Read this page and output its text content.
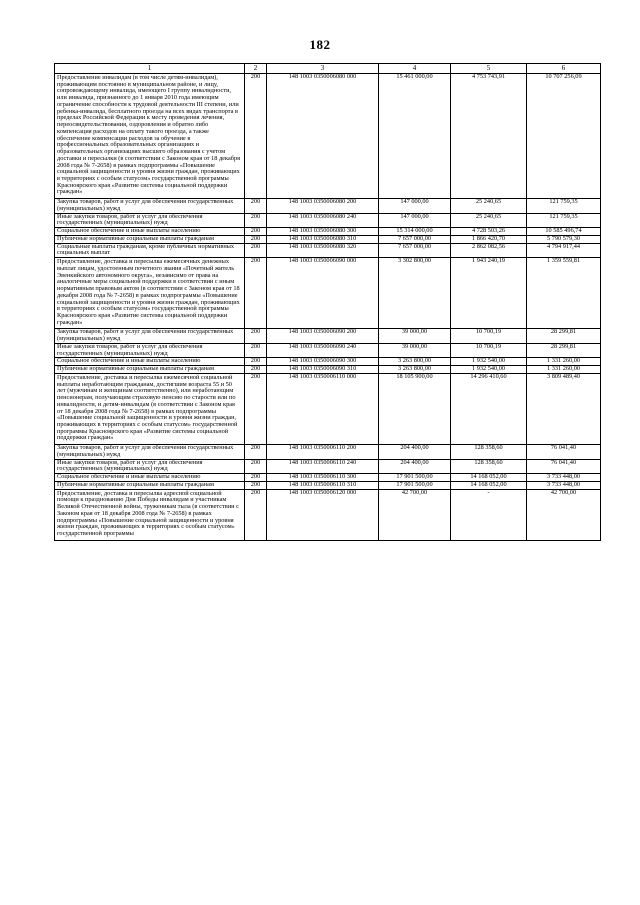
182
1	2	3	4	5	6
Предоставление инвалидам (в том числе детям-инвалидам), проживающим постоянно в муниципальном районе, и лицу, сопровождающему инвалида, имеющего I группу инвалидности, или инвалида, признанного до 1 января 2010 года имеющим ограничение способности к трудовой деятельности III степени, или ребенка-инвалида, бесплатного проезда на всех видах транспорта в пределах Российской Федерации к месту проведения лечения, переосвидетельствования, оздоровления и обратно либо компенсация расходов на оплату такого проезда, а также обеспечение компенсации расходов за обучение в профессиональных образовательных организациях и образовательных организациях высшего образования с учетом доставки и пересылки (в соответствии с Законом края от 18 декабря 2008 года № 7-2658) в рамках подпрограммы «Повышение социальной защищенности и уровня жизни граждан, проживающих в территориях с особым статусом» государственной программы Красноярского края «Развитие системы социальной поддержки граждан»	200	148 1003 0350006080 000	15 461 000,00	4 753 743,91	10 707 256,09
Закупка товаров, работ и услуг для обеспечения государственных (муниципальных) нужд	200	148 1003 0350006080 200	147 000,00	25 240,65	121 759,35
Иные закупки товаров, работ и услуг для обеспечения государственных (муниципальных) нужд	200	148 1003 0350006080 240	147 000,00	25 240,65	121 759,35
Социальное обеспечение и иные выплаты населению	200	148 1003 0350006080 300	15 314 000,00	4 728 503,26	10 585 496,74
Публичные нормативные социальные выплаты гражданам	200	148 1003 0350006080 310	7 657 000,00	1 866 420,70	5 790 579,30
Социальные выплаты гражданам, кроме публичных нормативных социальных выплат	200	148 1003 0350006080 320	7 657 000,00	2 862 082,56	4 794 917,44
Предоставление, доставка и пересылка ежемесячных денежных выплат лицам, удостоенным почетного звания «Почетный житель Эвенкийского автономного округа», независимо от права на аналогичные меры социальной поддержки в соответствии с иным нормативным правовым актом (в соответствии с Законом края от 18 декабря 2008 года № 7-2658) в рамках подпрограммы «Повышение социальной защищенности и уровня жизни граждан, проживающих в территориях с особым статусом» государственной программы Красноярского края «Развитие системы социальной поддержки граждан»	200	148 1003 0350006090 000	3 302 800,00	1 943 240,19	1 359 559,81
Закупка товаров, работ и услуг для обеспечения государственных (муниципальных) нужд	200	148 1003 0350006090 200	39 000,00	10 700,19	28 299,81
Иные закупки товаров, работ и услуг для обеспечения государственных (муниципальных) нужд	200	148 1003 0350006090 240	39 000,00	10 700,19	28 299,81
Социальное обеспечение и иные выплаты населению	200	148 1003 0350006090 300	3 263 800,00	1 932 540,00	1 331 260,00
Публичные нормативные социальные выплаты гражданам	200	148 1003 0350006090 310	3 263 800,00	1 932 540,00	1 331 260,00
Предоставление, доставка и пересылка ежемесячной социальной выплаты неработающим гражданам, достигшим возраста 55 и 50 лет (мужчинам и женщинам соответственно), или неработающим пенсионерам, получающим страховую пенсию по старости или по инвалидности, и детям-инвалидам (в соответствии с Законом края от 18 декабря 2008 года № 7-2658) в рамках подпрограммы «Повышение социальной защищенности и уровня жизни граждан, проживающих в территориях с особым статусом» государственной программы Красноярского края «Развитие системы социальной поддержки граждан»	200	148 1003 0350006110 000	18 105 900,00	14 296 410,60	3 809 489,40
Закупка товаров, работ и услуг для обеспечения государственных (муниципальных) нужд	200	148 1003 0350006110 200	204 400,00	128 358,60	76 041,40
Иные закупки товаров, работ и услуг для обеспечения государственных (муниципальных) нужд	200	148 1003 0350006110 240	204 400,00	128 358,60	76 041,40
Социальное обеспечение и иные выплаты населению	200	148 1003 0350006110 300	17 901 500,00	14 168 052,00	3 733 448,00
Публичные нормативные социальные выплаты гражданам	200	148 1003 0350006110 310	17 901 500,00	14 168 052,00	3 733 448,00
Предоставление, доставка и пересылка адресной социальной помощи к празднованию Дня Победы инвалидам и участникам Великой Отечественной войны, труженикам тыла (в соответствии с Законом края от 18 декабря 2008 года № 7-2658) в рамках подпрограммы «Повышение социальной защищенности и уровня жизни граждан, проживающих в территориях с особым статусом» государственной программы	200	148 1003 0350006120 000	42 700,00	-	42 700,00
